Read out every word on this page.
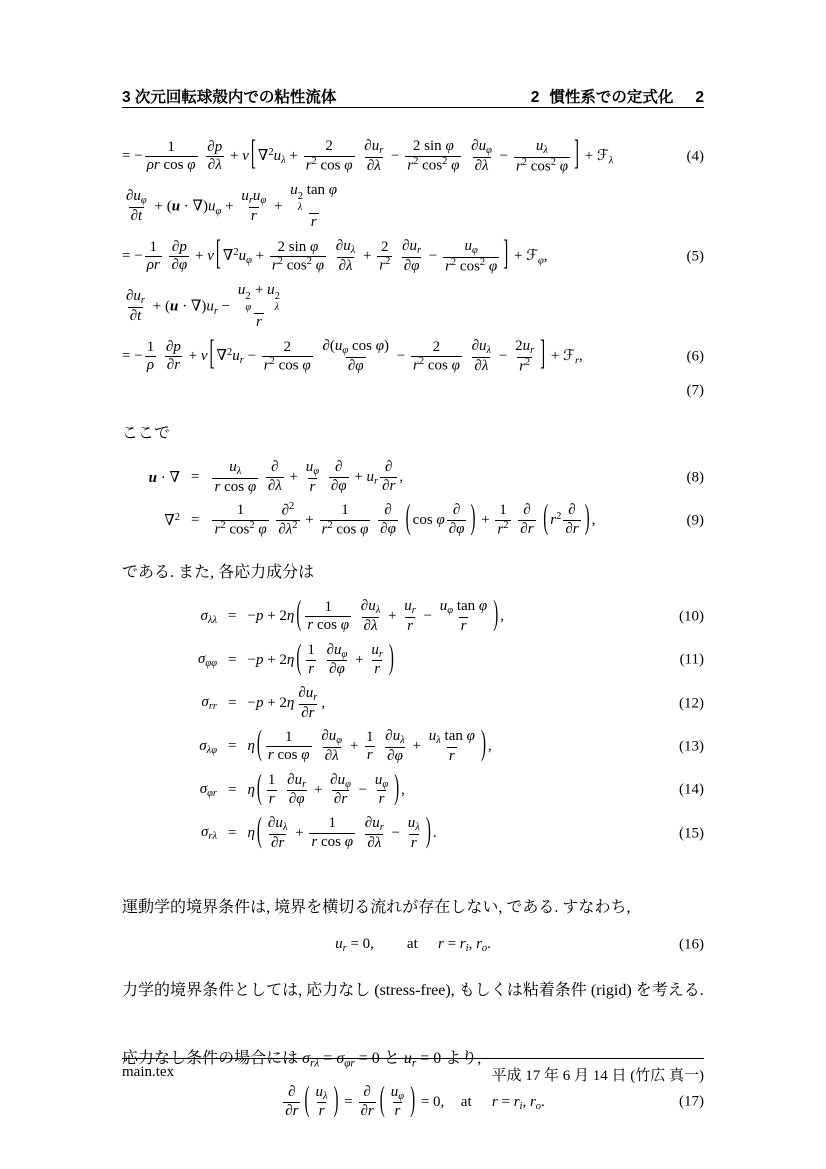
3 次元回転球殻内での粘性流体	2 慣性系での定式化 2
= − $\frac{1}{\text{ρr cos φ}}$
$\frac{\partial p}{\partial\lambda} + \nu$ [ $\nabla^2u_\lambda + \frac{2}{r^2 \cos \varphi}$
$\frac{\partial u_r}{\partial\lambda} - \frac{\text{2 sin φ}}{r^2 \cos^2 \varphi}$
$\frac{\partial u_\varphi}{\partial\lambda} - \frac{u_\lambda}{r^2 \cos^2 \varphi}$ ] + ℱ$_\lambda$	(4)
$\frac{\partial u_\varphi}{\partial t} + (u \cdot \nabla)u_\varphi + \frac{u_ru_\varphi}{r} + u$ 2
λ
tan φ
r
= − $\frac{1}{\rho r}$
$\frac{\partial p}{\partial\varphi} + \nu$ [ $\nabla^2u_\varphi + \frac{\text{2 sin φ}}{r^2 \cos^2 \varphi}$
$\frac{\partial u_\lambda}{\partial\lambda} + \frac{2}{r^2}$
$\frac{\partial u_r}{\partial\varphi} - \frac{u_\varphi}{r^2 \cos^2 \varphi}$ ] + ℱ$_\varphi$,	(5)
$\frac{\partial u_r}{\partial t} + (u \cdot \nabla)u_r - u$ 2
φ
+ u 2
λ
r
= − $\frac{1}{\rho}$
$\frac{\partial p}{\partial r} + \nu$ [ $\nabla^2u_r - \frac{2}{r^2 \cos \varphi}$
$\frac{\partial(u_\varphi \cos \varphi)}{\partial\varphi} - \frac{2}{r^2 \cos \varphi}$
$\frac{\partial u_\lambda}{\partial\lambda} - \frac{2u_r}{r^2}$ ] + ℱ$_r$,	(6)
(7)
ここで
u · ∇ = $\frac{u_\lambda}{\text{r cos φ}}$
$\frac{\partial}{\partial\lambda} + \frac{u_\varphi}{r}$
$\frac{\partial}{\partial\varphi} + u_r \frac{\partial}{\partial r}$ ,	(8)
$\nabla^2 = \frac{1}{r^2 \cos^2 \varphi}$
$\frac{\partial^2}{\partial\lambda^2} + \frac{1}{r^2 \cos \varphi}$
$\frac{\partial}{\partial\varphi}$ ( cos φ $\frac{\partial}{\partial\varphi}$ ) + $\frac{1}{r^2}$
$\frac{\partial}{\partial r}$ ( $r^2 \frac{\partial}{\partial r}$ ) ,	(9)
である. また, 各応力成分は
$\sigma_{\lambda\lambda} = -p + 2\eta$ ( $\frac{1}{\text{r cos φ}}$
$\frac{\partial u_\lambda}{\partial\lambda} + \frac{u_r}{r} - \frac{u_\varphi \tan \varphi}{r}$ ) ,	(10)
$\sigma_{\varphi\varphi} = -p + 2\eta$ ( $\frac{1}{r}$
$\frac{\partial u_\varphi}{\partial\varphi} + \frac{u_r}{r}$ )	(11)
$\sigma_{rr} = -p + 2\eta \frac{\partial u_r}{\partial r}$ ,	(12)
$\sigma_{\lambda\varphi} = \eta$ ( $\frac{1}{\text{r cos φ}}$
$\frac{\partial u_\varphi}{\partial\lambda} + \frac{1}{r}$
$\frac{\partial u_\lambda}{\partial\varphi} + \frac{u_\lambda \tan \varphi}{r}$ ) ,	(13)
$\sigma_{\varphi r} = \eta$ ( $\frac{1}{r}$
$\frac{\partial u_r}{\partial\varphi} + \frac{\partial u_\varphi}{\partial r} - \frac{u_\varphi}{r}$ ) ,	(14)
$\sigma_{r\lambda} = \eta$ ( $\frac{\partial u_\lambda}{\partial r} + \frac{1}{\text{r cos φ}}$
$\frac{\partial u_r}{\partial\lambda} - \frac{u_\lambda}{r}$ ) .	(15)
運動学的境界条件は, 境界を横切る流れが存在しない, である. すなわち,
$u_r = 0$, at $r = r_i$, $r_o$.	(16)
力学的境界条件としては, 応力なし (stress-free), もしくは粘着条件 (rigid) を考える.
応力なし条件の場合には $\sigma_{r\lambda} = \sigma_{\varphi r} = 0$ と $u_r = 0$ より,
$\frac{\partial}{\partial r}$ ( $\frac{u_\lambda}{r}$ ) = $\frac{\partial}{\partial r}$ ( $\frac{u_\varphi}{r}$ ) = 0, at $r = r_i$, $r_o$.	(17)
main.tex	平成 17 年 6 月 14 日 (竹広 真一)
